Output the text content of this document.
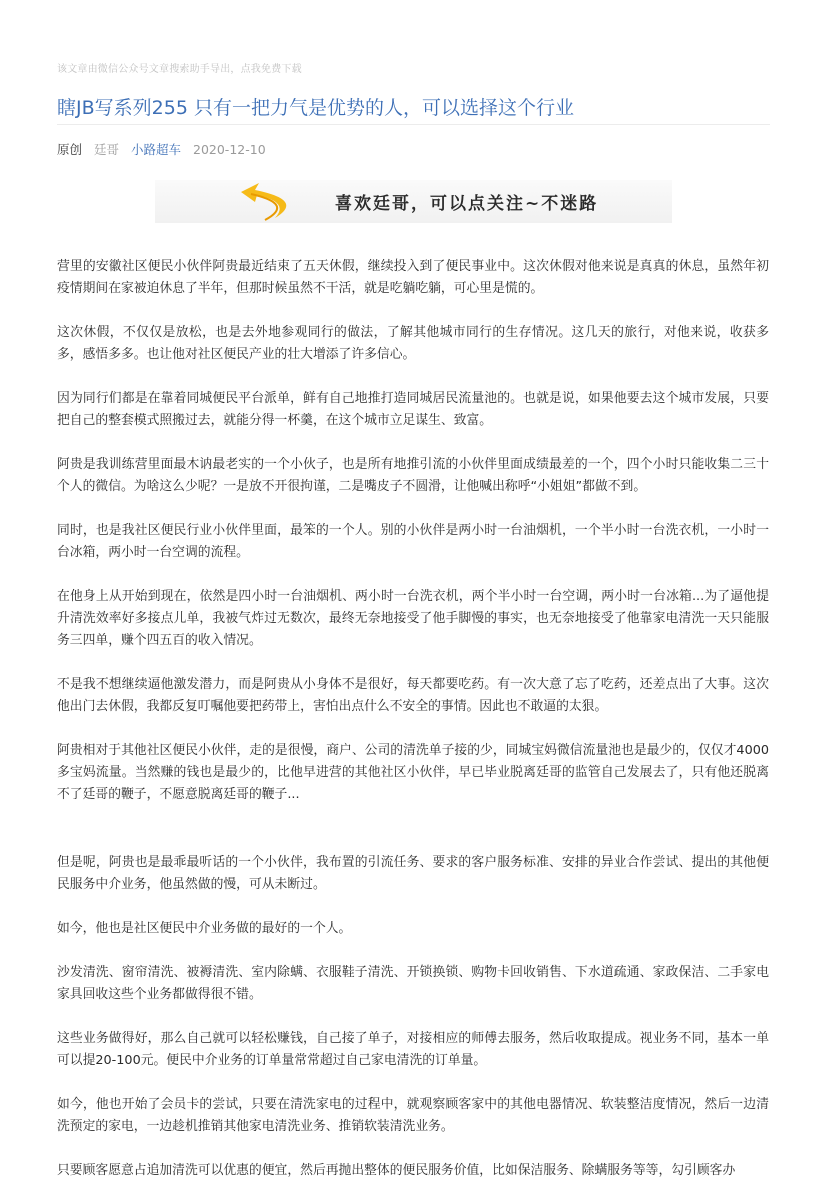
该文章由微信公众号文章搜索助手导出，点我免费下载
瞎JB写系列255 只有一把力气是优势的人，可以选择这个行业
原创 廷哥 小路超车 2020-12-10
喜欢廷哥，可以点关注~不迷路

营里的安徽社区便民小伙伴阿贵最近结束了五天休假，继续投入到了便民事业中。这次休假对他来说是真真的休息，虽然年初疫情期间在家被迫休息了半年，但那时候虽然不干活，就是吃躺吃躺，可心里是慌的。

这次休假，不仅仅是放松，也是去外地参观同行的做法，了解其他城市同行的生存情况。这几天的旅行，对他来说，收获多多，感悟多多。也让他对社区便民产业的壮大增添了许多信心。

因为同行们都是在靠着同城便民平台派单，鲜有自己地推打造同城居民流量池的。也就是说，如果他要去这个城市发展，只要把自己的整套模式照搬过去，就能分得一杯羹，在这个城市立足谋生、致富。

阿贵是我训练营里面最木讷最老实的一个小伙子，也是所有地推引流的小伙伴里面成绩最差的一个，四个小时只能收集二三十个人的微信。为啥这么少呢？一是放不开很拘谨，二是嘴皮子不圆滑，让他喊出称呼“小姐姐”都做不到。

同时，也是我社区便民行业小伙伴里面，最笨的一个人。别的小伙伴是两小时一台油烟机，一个半小时一台洗衣机，一小时一台冰箱，两小时一台空调的流程。

在他身上从开始到现在，依然是四小时一台油烟机、两小时一台洗衣机，两个半小时一台空调，两小时一台冰箱...为了逼他提升清洗效率好多接点儿单，我被气炸过无数次，最终无奈地接受了他手脚慢的事实，也无奈地接受了他靠家电清洗一天只能服务三四单，赚个四五百的收入情况。

不是我不想继续逼他激发潜力，而是阿贵从小身体不是很好，每天都要吃药。有一次大意了忘了吃药，还差点出了大事。这次他出门去休假，我都反复叮嘱他要把药带上，害怕出点什么不安全的事情。因此也不敢逼的太狠。

阿贵相对于其他社区便民小伙伴，走的是很慢，商户、公司的清洗单子接的少，同城宝妈微信流量池也是最少的，仅仅才4000多宝妈流量。当然赚的钱也是最少的，比他早进营的其他社区小伙伴，早已毕业脱离廷哥的监管自己发展去了，只有他还脱离不了廷哥的鞭子，不愿意脱离廷哥的鞭子...

但是呢，阿贵也是最乖最听话的一个小伙伴，我布置的引流任务、要求的客户服务标准、安排的异业合作尝试、提出的其他便民服务中介业务，他虽然做的慢，可从未断过。

如今，他也是社区便民中介业务做的最好的一个人。

沙发清洗、窗帘清洗、被褥清洗、室内除螨、衣服鞋子清洗、开锁换锁、购物卡回收销售、下水道疏通、家政保洁、二手家电家具回收这些个业务都做得很不错。

这些业务做得好，那么自己就可以轻松赚钱，自己接了单子，对接相应的师傅去服务，然后收取提成。视业务不同，基本一单可以提20-100元。便民中介业务的订单量常常超过自己家电清洗的订单量。

如今，他也开始了会员卡的尝试，只要在清洗家电的过程中，就观察顾客家中的其他电器情况、软装整洁度情况，然后一边清洗预定的家电，一边趁机推销其他家电清洗业务、推销软装清洗业务。

只要顾客愿意占追加清洗可以优惠的便宜，然后再抛出整体的便民服务价值，比如保洁服务、除螨服务等等，勾引顾客办
